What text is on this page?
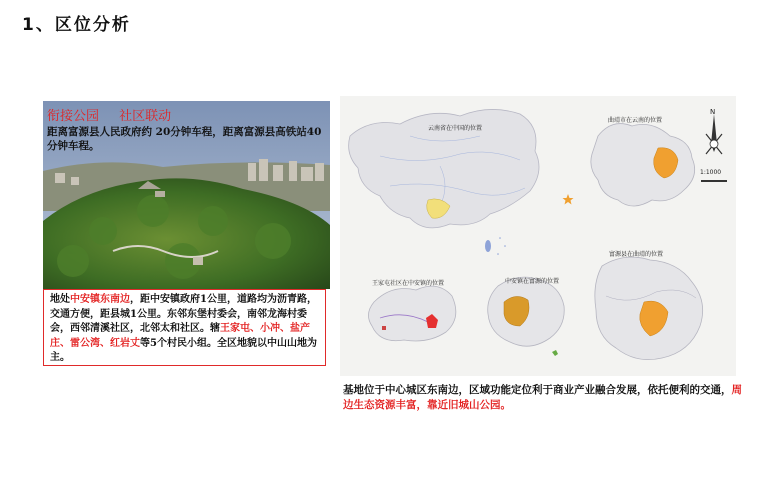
1、区位分析
衔接公园 社区联动
距离富源县人民政府约 20分钟车程，距离富源县高铁站40分钟车程。
地处中安镇东南边，距中安镇政府1公里，道路均为沥青路，交通方便，距县城1公里。东邻东堡村委会，南邻龙海村委会，西邻清溪社区，北邻太和社区。辖王家屯、小冲、盐产庄、雷公湾、红岩丈等5个村民小组。全区地貌以中山山地为主。
云南省在中国的位置
曲靖市在云南的位置
富源县在曲靖的位置
中安镇在富源的位置
王家屯社区在中安镇的位置
N
1:1000
基地位于中心城区东南边，区域功能定位利于商业产业融合发展，依托便利的交通，周边生态资源丰富，靠近旧城山公园。
